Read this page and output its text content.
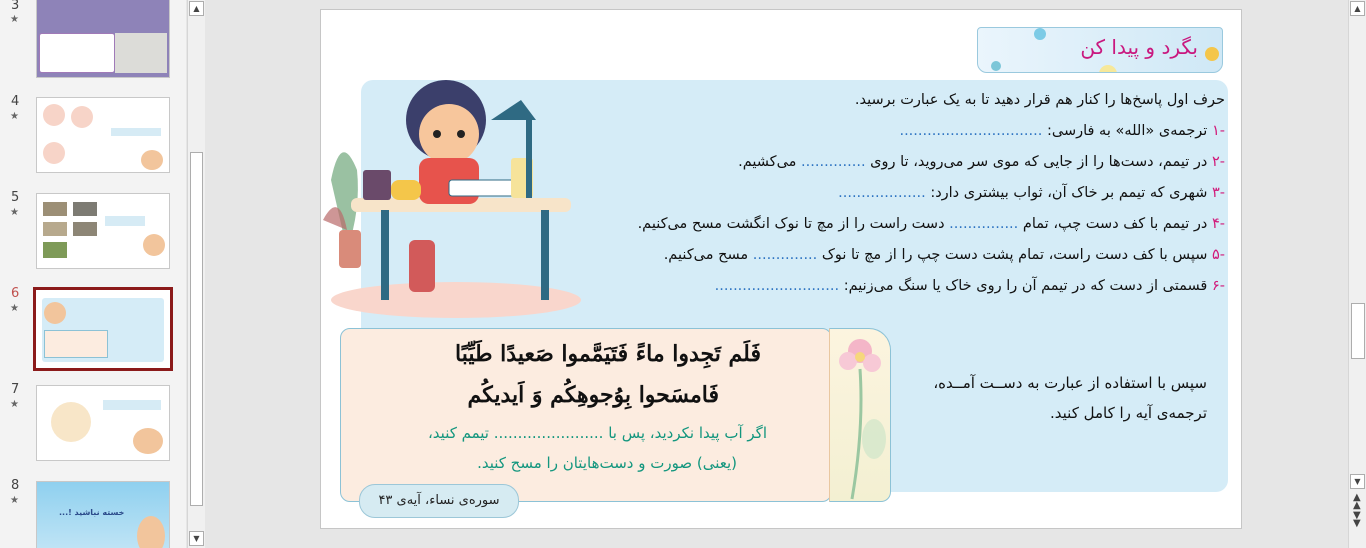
3
★
4
★
5
★
6
★
7
★
8
★
خسته نباشید !...
▲
▼
بگرد و پیدا کن
حرف اول پاسخ‌ها را کنار هم قرار دهید تا به یک عبارت برسید.
-۱ ترجمه‌ی «الله» به فارسی: ...............................
-۲ در تیمم، دست‌ها را از جایی که موی سر می‌روید، تا روی .............. می‌کشیم.
-۳ شهری که تیمم بر خاک آن، ثواب بیشتری دارد: ...................
-۴ در تیمم با کف دست چپ، تمام ............... دست راست را از مچ تا نوک انگشت مسح می‌کنیم.
-۵ سپس با کف دست راست، تمام پشت دست چپ را از مچ تا نوک .............. مسح می‌کنیم.
-۶ قسمتی از دست که در تیمم آن را روی خاک یا سنگ می‌زنیم: ...........................
فَلَم تَجِدوا ماءً فَتَیَمَّموا صَعیدًا طَیِّبًا
فَامسَحوا بِوُجوهِکُم وَ اَیدیکُم
اگر آب پیدا نکردید، پس با ....................... تیمم کنید،
(یعنی) صورت و دست‌هایتان را مسح کنید.
سوره‌ی نساء، آیه‌ی ۴۳
سپس با استفاده از عبارت به دســت آمــده،
ترجمه‌ی آیه را کامل کنید.
▲
▼
▲
▲
▼
▼
